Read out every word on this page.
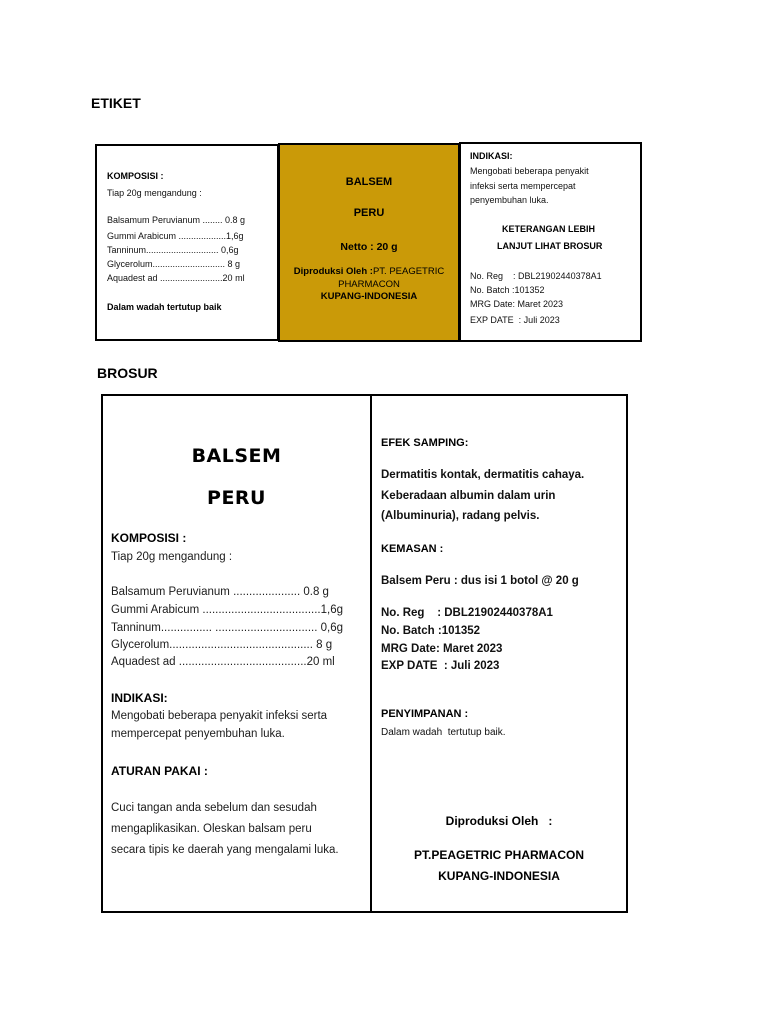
ETIKET
KOMPOSISI :
Tiap 20g mengandung :
Balsamum Peruvianum ........ 0.8 g
Gummi Arabicum ...................1,6g
Tanninum............................. 0,6g
Glycerolum............................. 8 g
Aquadest ad .........................20 ml
Dalam wadah tertutup baik
BALSEM
PERU
Netto : 20 g
Diproduksi Oleh :PT. PEAGETRIC
PHARMACON
KUPANG-INDONESIA
INDIKASI:
Mengobati beberapa penyakit
infeksi serta mempercepat
penyembuhan luka.
KETERANGAN LEBIH
LANJUT LIHAT BROSUR
No. Reg    : DBL21902440378A1
No. Batch :101352
MRG Date: Maret 2023
EXP DATE  : Juli 2023
BROSUR
BALSEM
PERU
KOMPOSISI :
Tiap 20g mengandung :
Balsamum Peruvianum ..................... 0.8 g
Gummi Arabicum .....................................1,6g
Tanninum................ ................................ 0,6g
Glycerolum............................................. 8 g
Aquadest ad ........................................20 ml
INDIKASI:
Mengobati beberapa penyakit infeksi serta
mempercepat penyembuhan luka.
ATURAN PAKAI :
Cuci tangan anda sebelum dan sesudah
mengaplikasikan. Oleskan balsam peru
secara tipis ke daerah yang mengalami luka.
EFEK SAMPING:
Dermatitis kontak, dermatitis cahaya.
Keberadaan albumin dalam urin
(Albuminuria), radang pelvis.
KEMASAN :
Balsem Peru : dus isi 1 botol @ 20 g
No. Reg    : DBL21902440378A1
No. Batch :101352
MRG Date: Maret 2023
EXP DATE  : Juli 2023
PENYIMPANAN :
Dalam wadah  tertutup baik.
Diproduksi Oleh   :
PT.PEAGETRIC PHARMACON
KUPANG-INDONESIA
